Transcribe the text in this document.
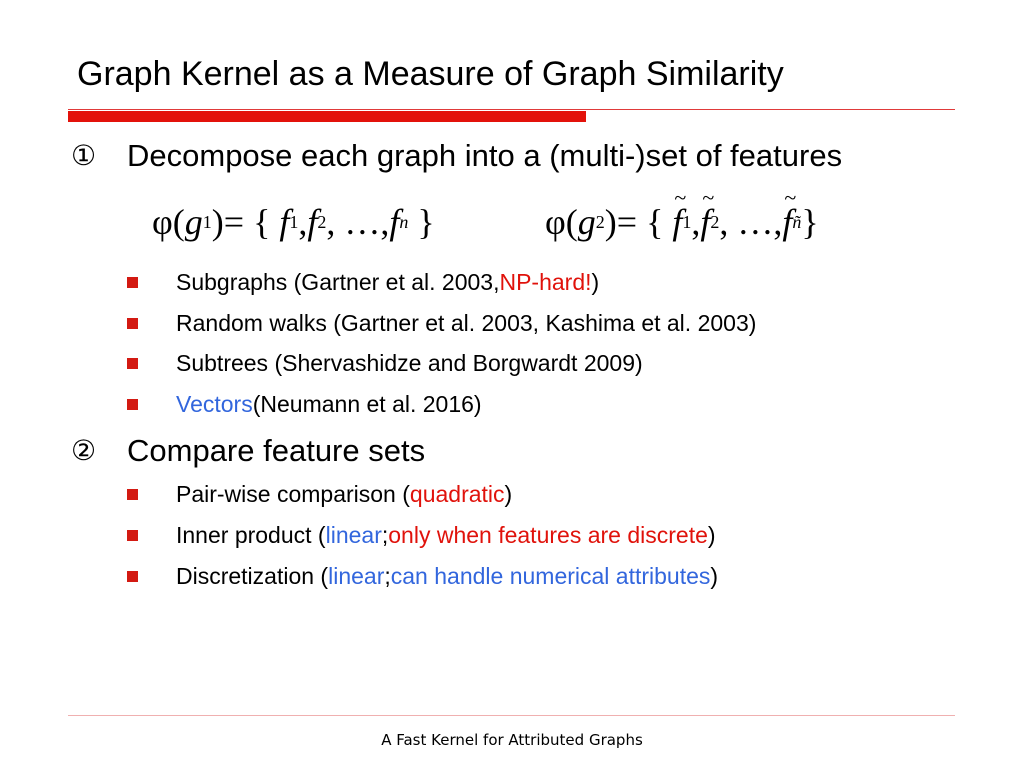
Graph Kernel as a Measure of Graph Similarity
① Decompose each graph into a (multi-)set of features
φ ( g 1 ) = {
f 1 , f 2 , …, f n
}	φ ( g 2 ) = {
~ f 1 , ~ f 2 , …, ~ f ñ }
Subgraphs (Gartner et al. 2003, NP-hard! )
Random walks (Gartner et al. 2003, Kashima et al. 2003)
Subtrees (Shervashidze and Borgwardt 2009)
Vectors (Neumann et al. 2016)
② Compare feature sets
Pair-wise comparison ( quadratic )
Inner product ( linear ; only when features are discrete )
Discretization ( linear ; can handle numerical attributes )
A Fast Kernel for Attributed Graphs
